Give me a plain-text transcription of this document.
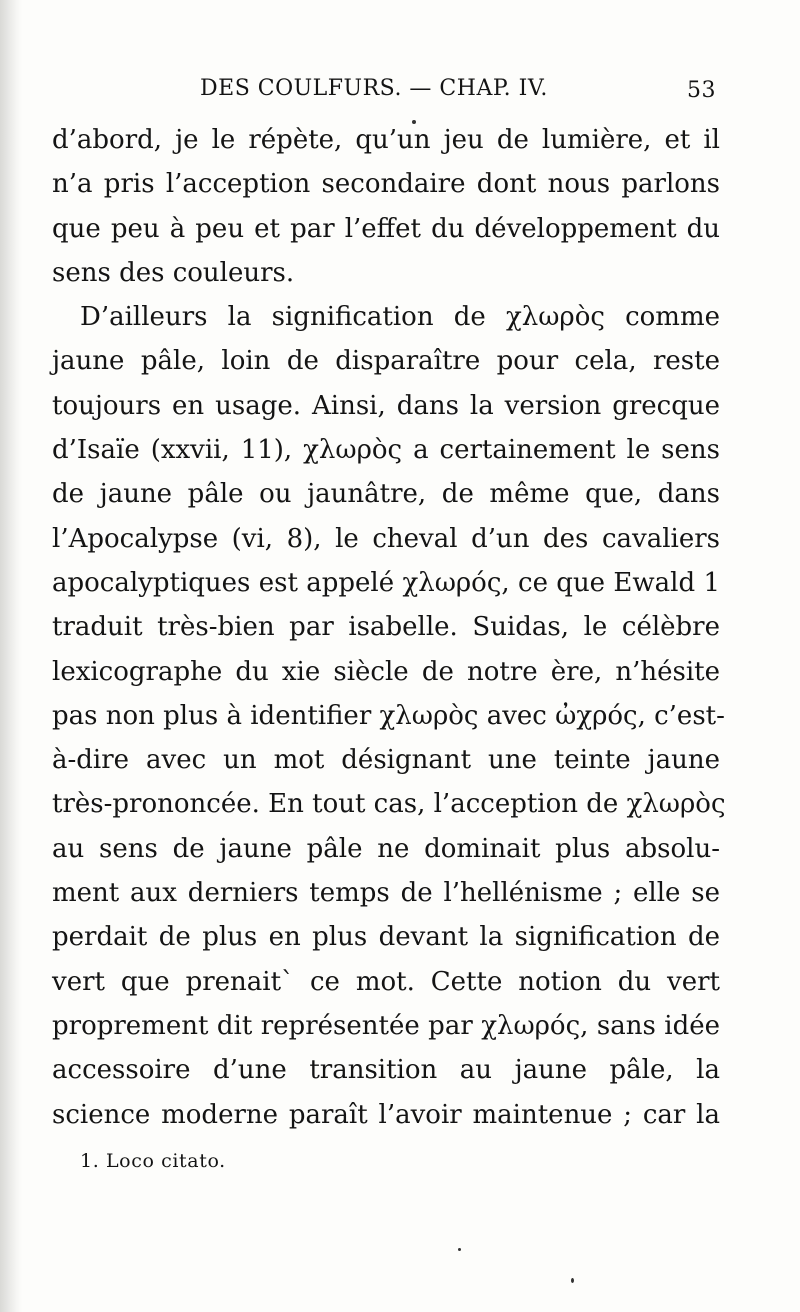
DES COULFURS. — CHAP. IV.	53

d’abord, je le répète, qu’un jeu de lumière, et il
n’a pris l’acception secondaire dont nous parlons
que peu à peu et par l’effet du développement du
sens des couleurs.

D’ailleurs la signification de χλωρὸς comme
jaune pâle, loin de disparaître pour cela, reste
toujours en usage. Ainsi, dans la version grecque
d’Isaïe (xxvii, 11), χλωρὸς a certainement le sens
de jaune pâle ou jaunâtre, de même que, dans
l’Apocalypse (vi, 8), le cheval d’un des cavaliers
apocalyptiques est appelé χλωρός, ce que Ewald 1
traduit très-bien par isabelle. Suidas, le célèbre
lexicographe du xie siècle de notre ère, n’hésite
pas non plus à identifier χλωρὸς avec ὠχρός, c’est-
à-dire avec un mot désignant une teinte jaune
très-prononcée. En tout cas, l’acception de χλωρὸς
au sens de jaune pâle ne dominait plus absolu-
ment aux derniers temps de l’hellénisme ; elle se
perdait de plus en plus devant la signification de
vert que prenait` ce mot. Cette notion du vert
proprement dit représentée par χλωρός, sans idée
accessoire d’une transition au jaune pâle, la
science moderne paraît l’avoir maintenue ; car la

1. Loco citato.
